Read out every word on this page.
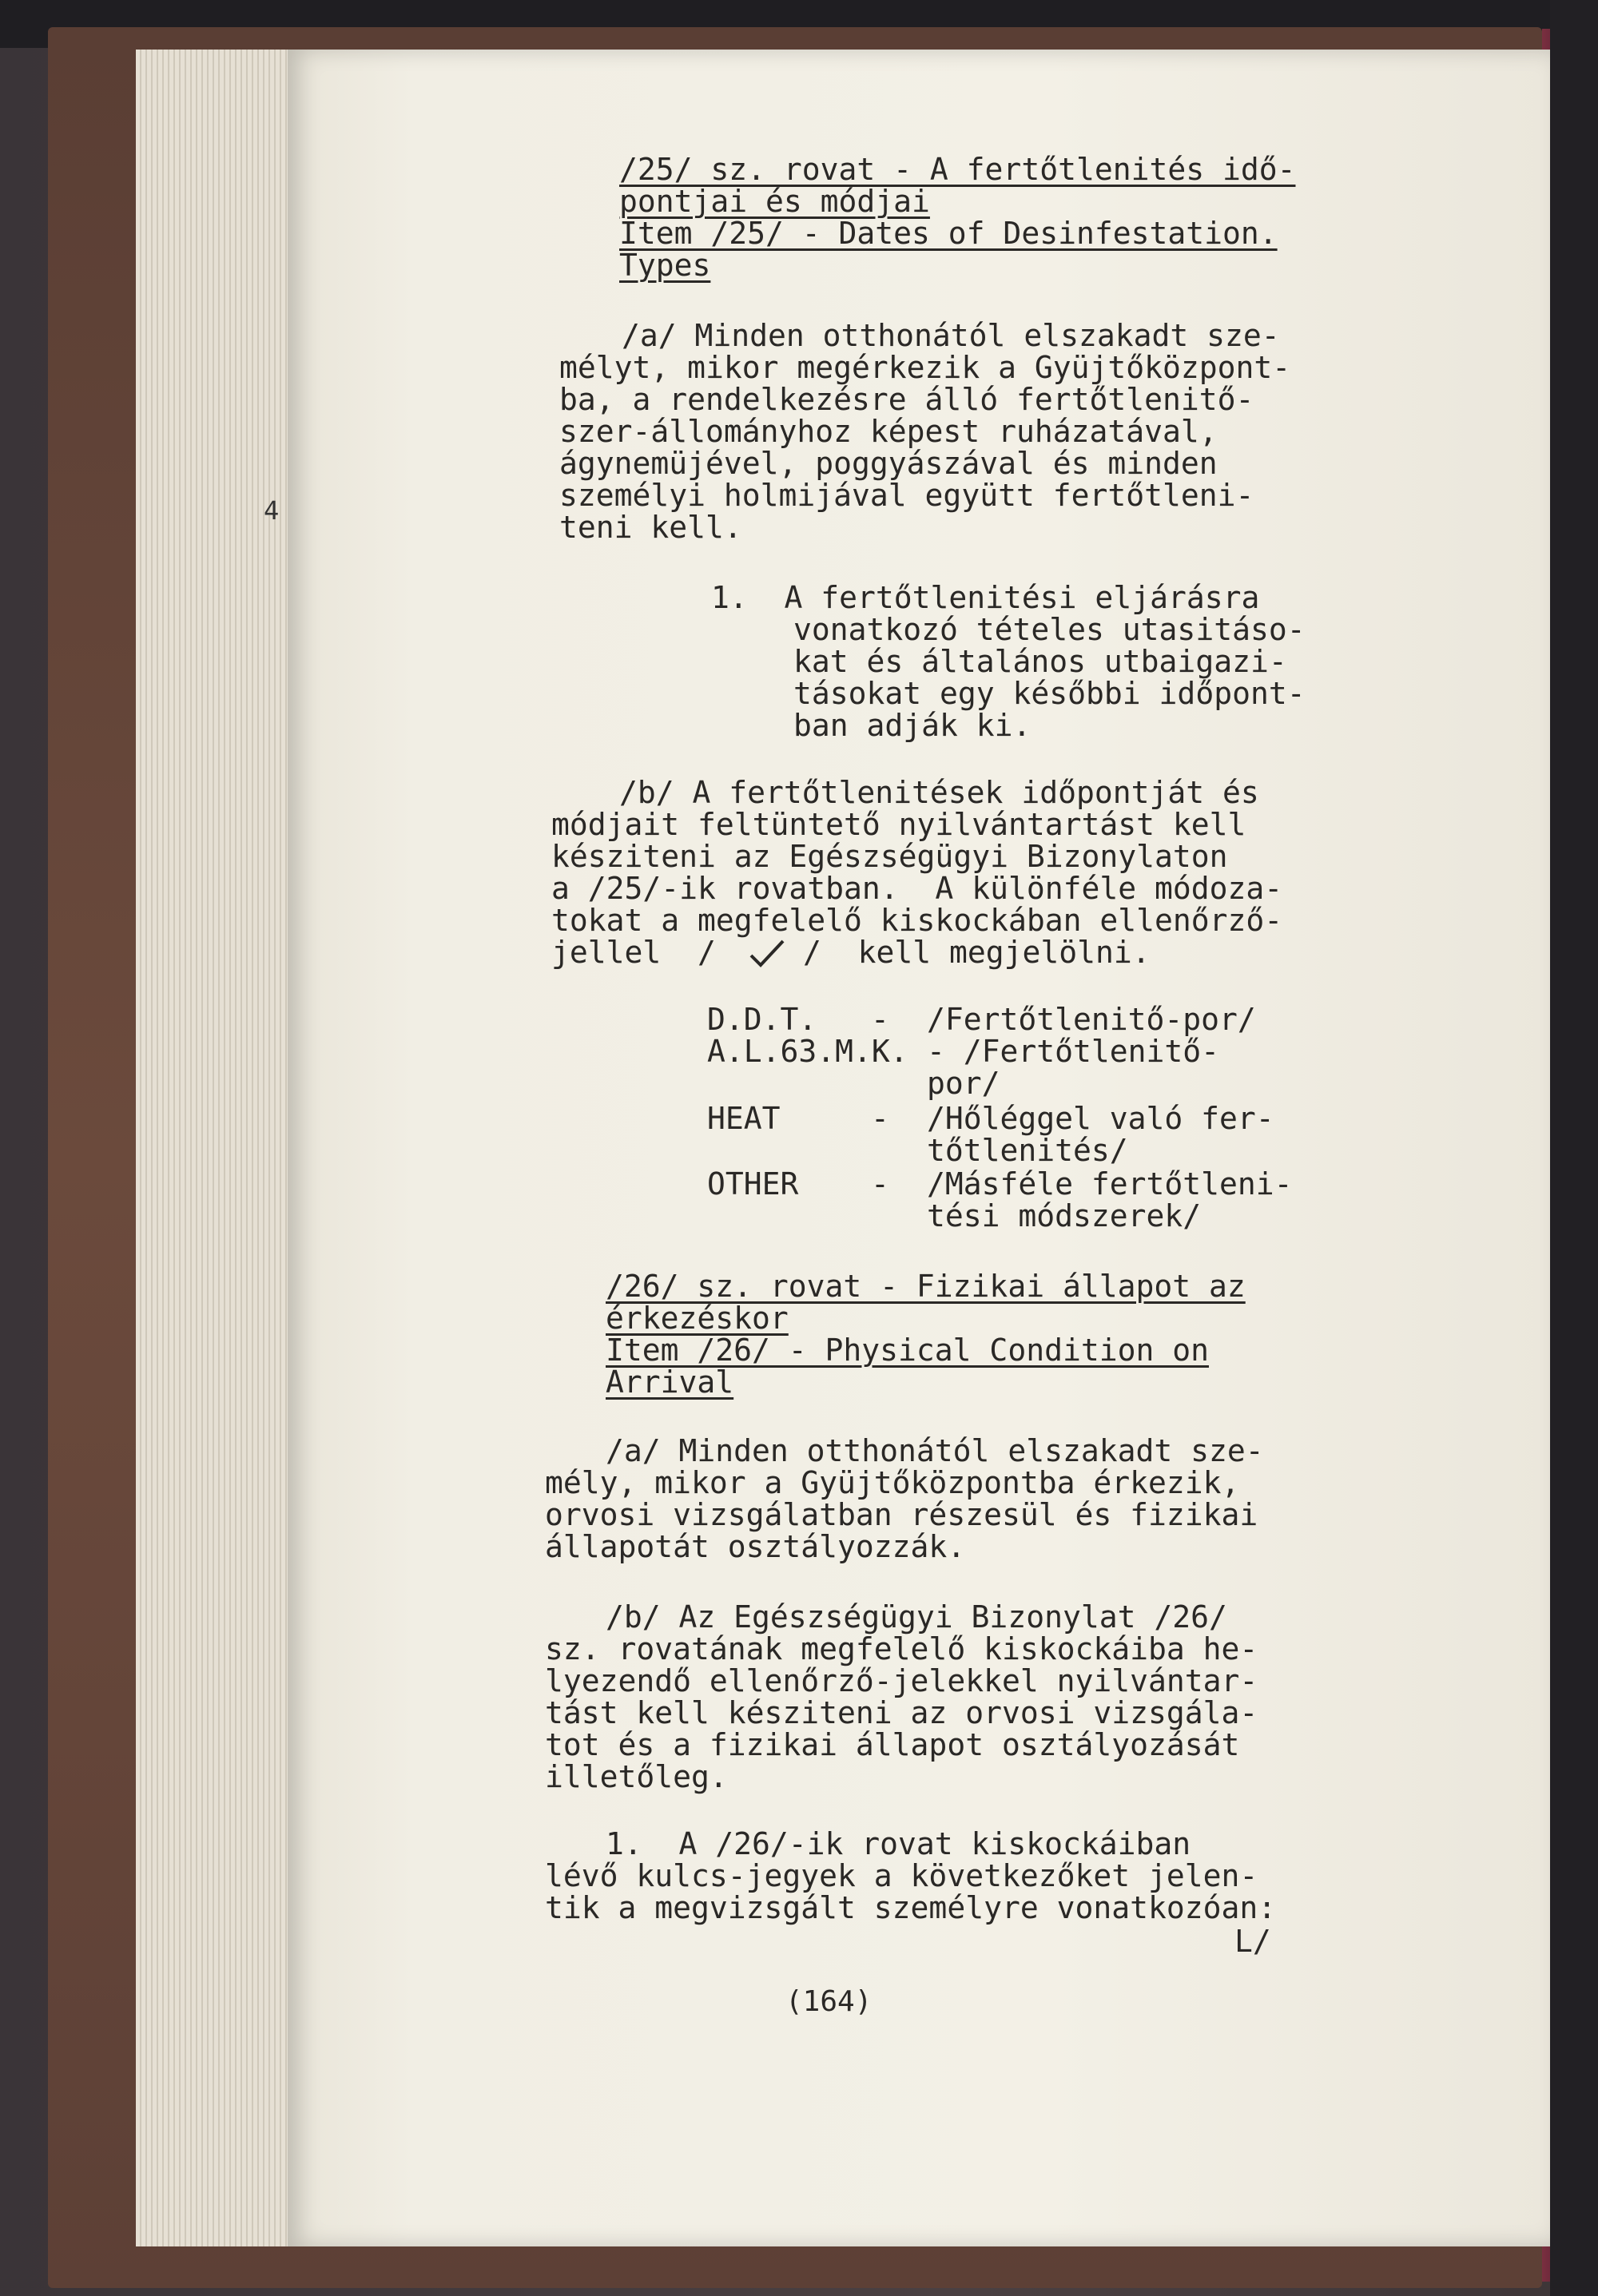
4
/25/ sz. rovat - A fertőtlenités idő-
pontjai és módjai
Item /25/ - Dates of Desinfestation.
Types
/a/ Minden otthonától elszakadt sze-
mélyt, mikor megérkezik a Gyüjtőközpont-
ba, a rendelkezésre álló fertőtlenitő-
szer-állományhoz képest ruházatával,
ágynemüjével, poggyászával és minden
személyi holmijával együtt fertőtleni-
teni kell.
1.  A fertőtlenitési eljárásra
vonatkozó tételes utasitáso-
kat és általános utbaigazi-
tásokat egy későbbi időpont-
ban adják ki.
/b/ A fertőtlenitések időpontját és
módjait feltüntető nyilvántartást kell
késziteni az Egészségügyi Bizonylaton
a /25/-ik rovatban.  A különféle módoza-
tokat a megfelelő kiskockában ellenőrző-
jellel  /	/  kell megjelölni.
D.D.T. - /Fertőtlenitő-por/
A.L.63.M.K. - /Fertőtlenitő-
por/
HEAT	- /Hőléggel való fer-
tőtlenités/
OTHER - /Másféle fertőtleni-
tési módszerek/
/26/ sz. rovat - Fizikai állapot az
érkezéskor
Item /26/ - Physical Condition on
Arrival
/a/ Minden otthonától elszakadt sze-
mély, mikor a Gyüjtőközpontba érkezik,
orvosi vizsgálatban részesül és fizikai
állapotát osztályozzák.
/b/ Az Egészségügyi Bizonylat /26/
sz. rovatának megfelelő kiskockáiba he-
lyezendő ellenőrző-jelekkel nyilvántar-
tást kell késziteni az orvosi vizsgála-
tot és a fizikai állapot osztályozását
illetőleg.
1.  A /26/-ik rovat kiskockáiban
lévő kulcs-jegyek a következőket jelen-
tik a megvizsgált személyre vonatkozóan:
L/
(164)
